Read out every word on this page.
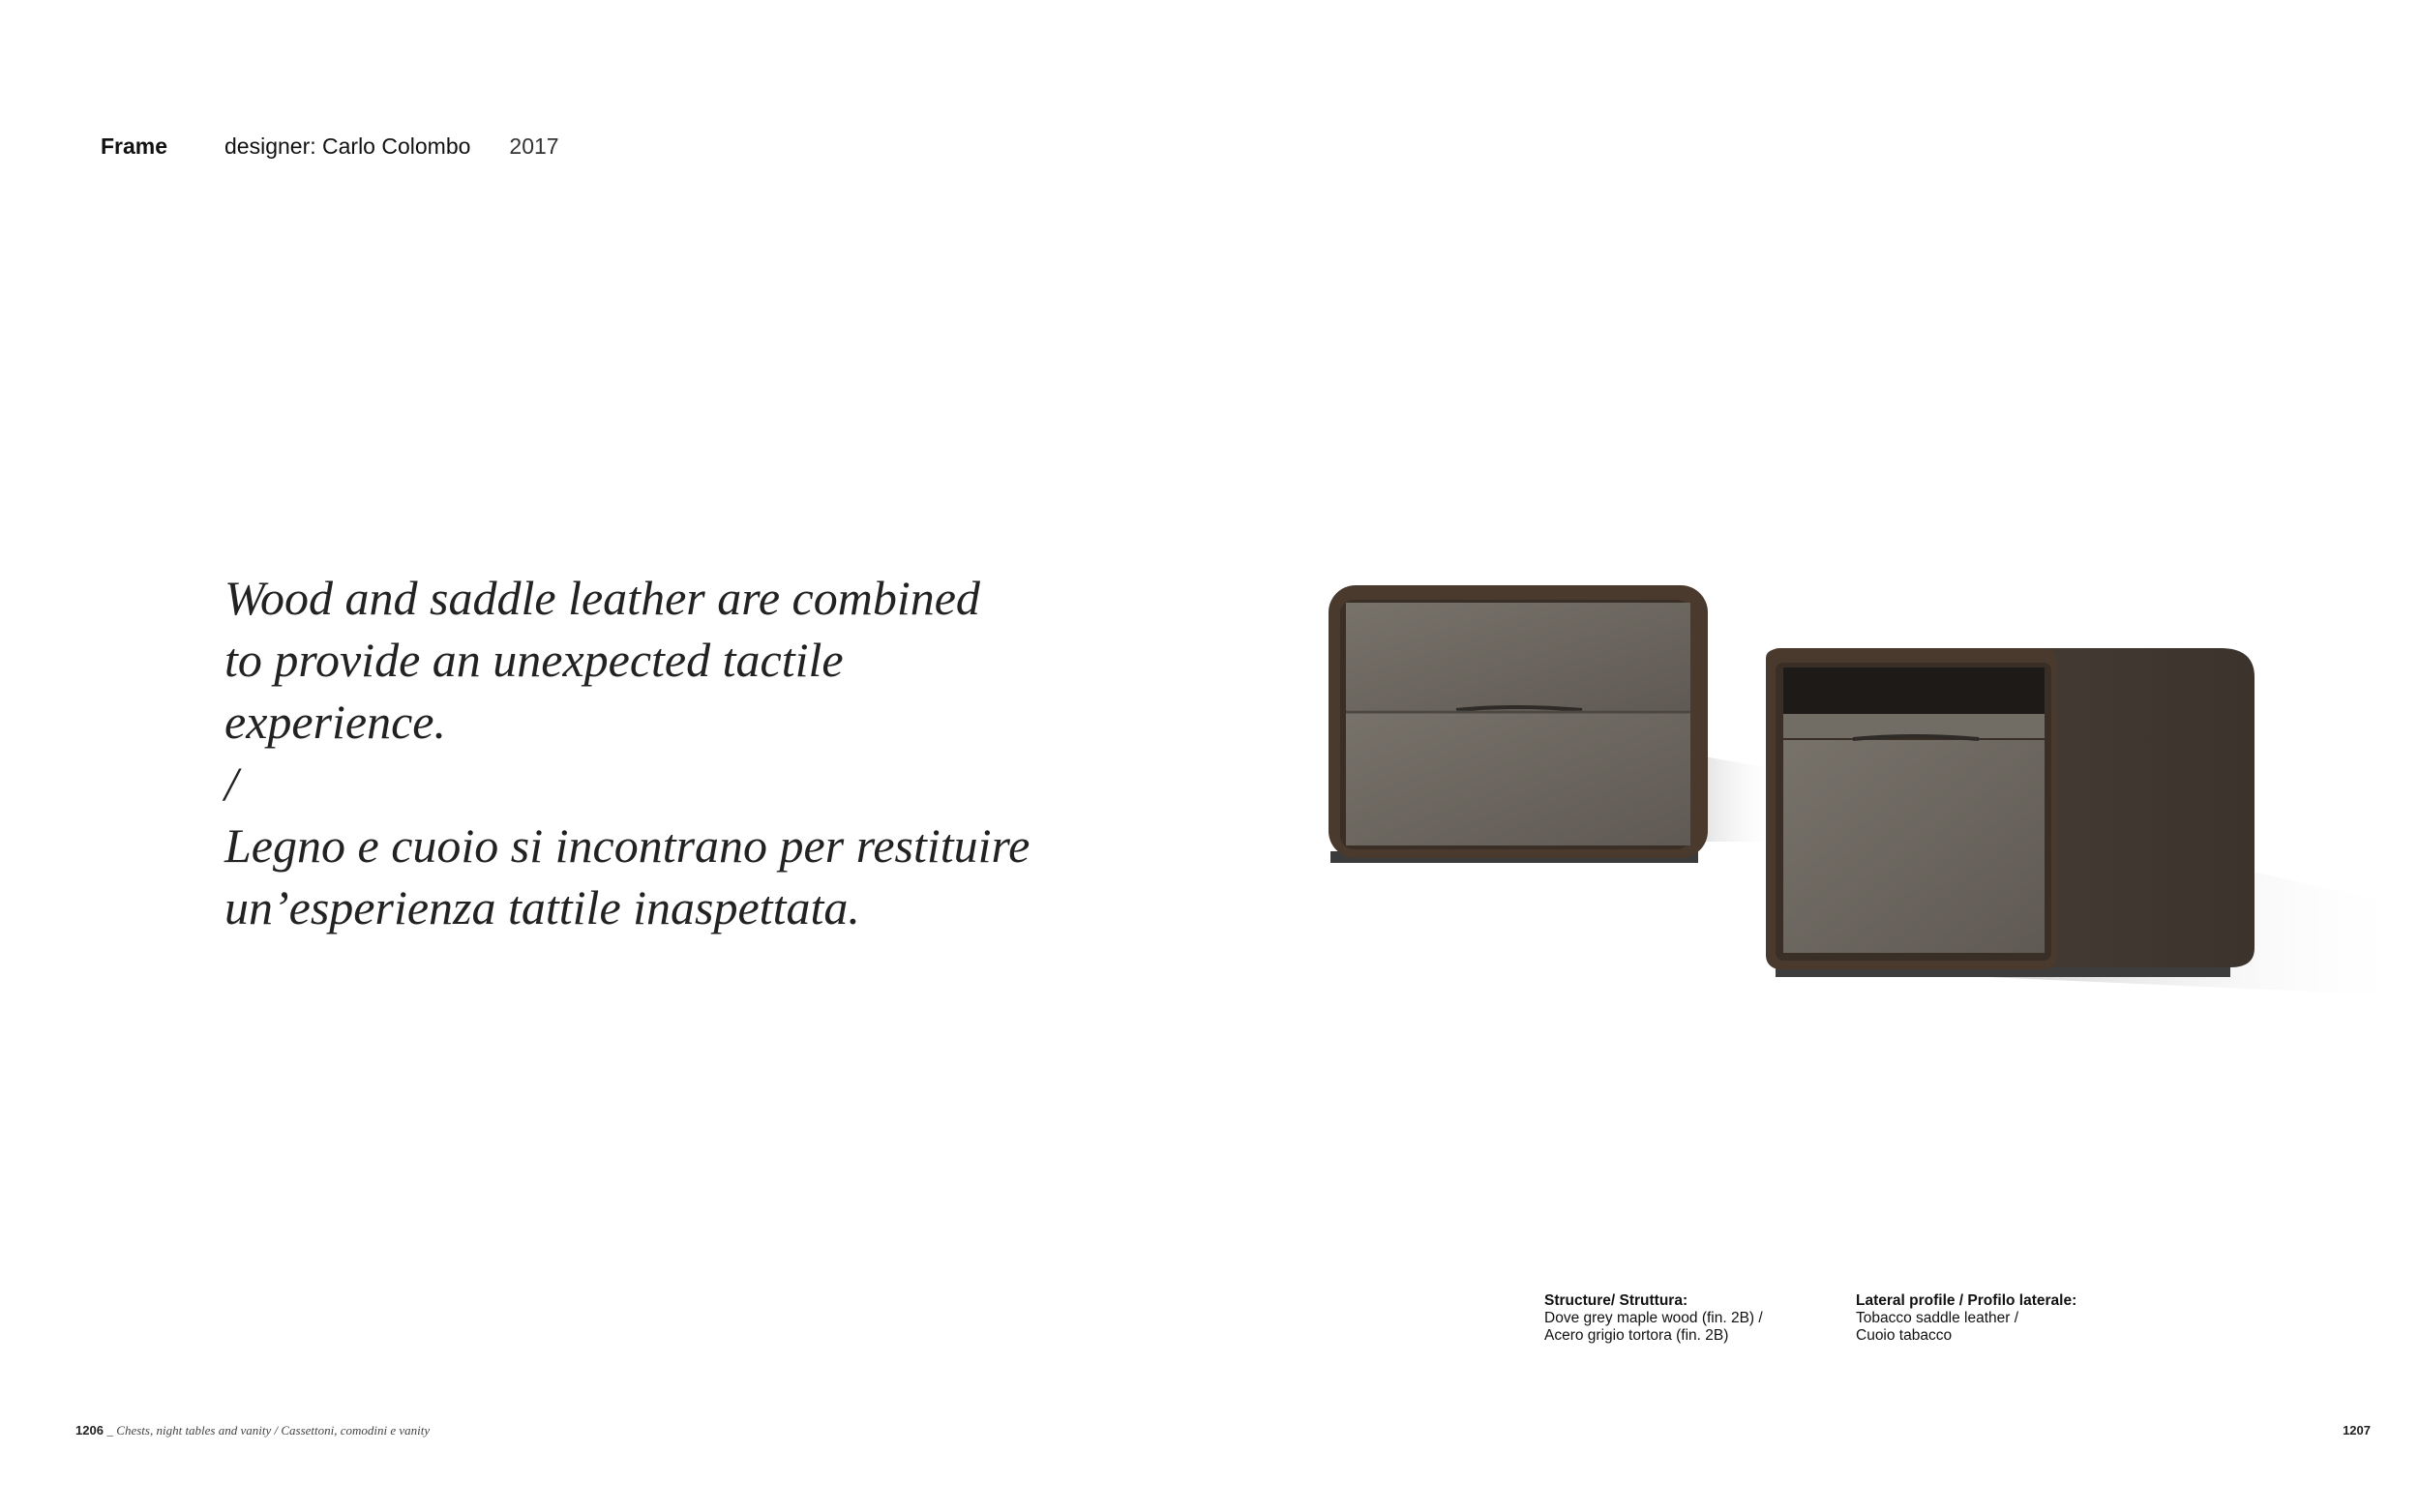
Frame	designer: Carlo Colombo 2017

Wood and saddle leather are combined

to provide an unexpected tactile

experience.

/

Legno e cuoio si incontrano per restituire

un’esperienza tattile inaspettata.

Structure/ Struttura:
Dove grey maple wood (fin. 2B) /
Acero grigio tortora (fin. 2B)
Lateral profile / Profilo laterale:
Tobacco saddle leather /
Cuoio tabacco
1206 _ Chests, night tables and vanity / Cassettoni, comodini e vanity	1207
